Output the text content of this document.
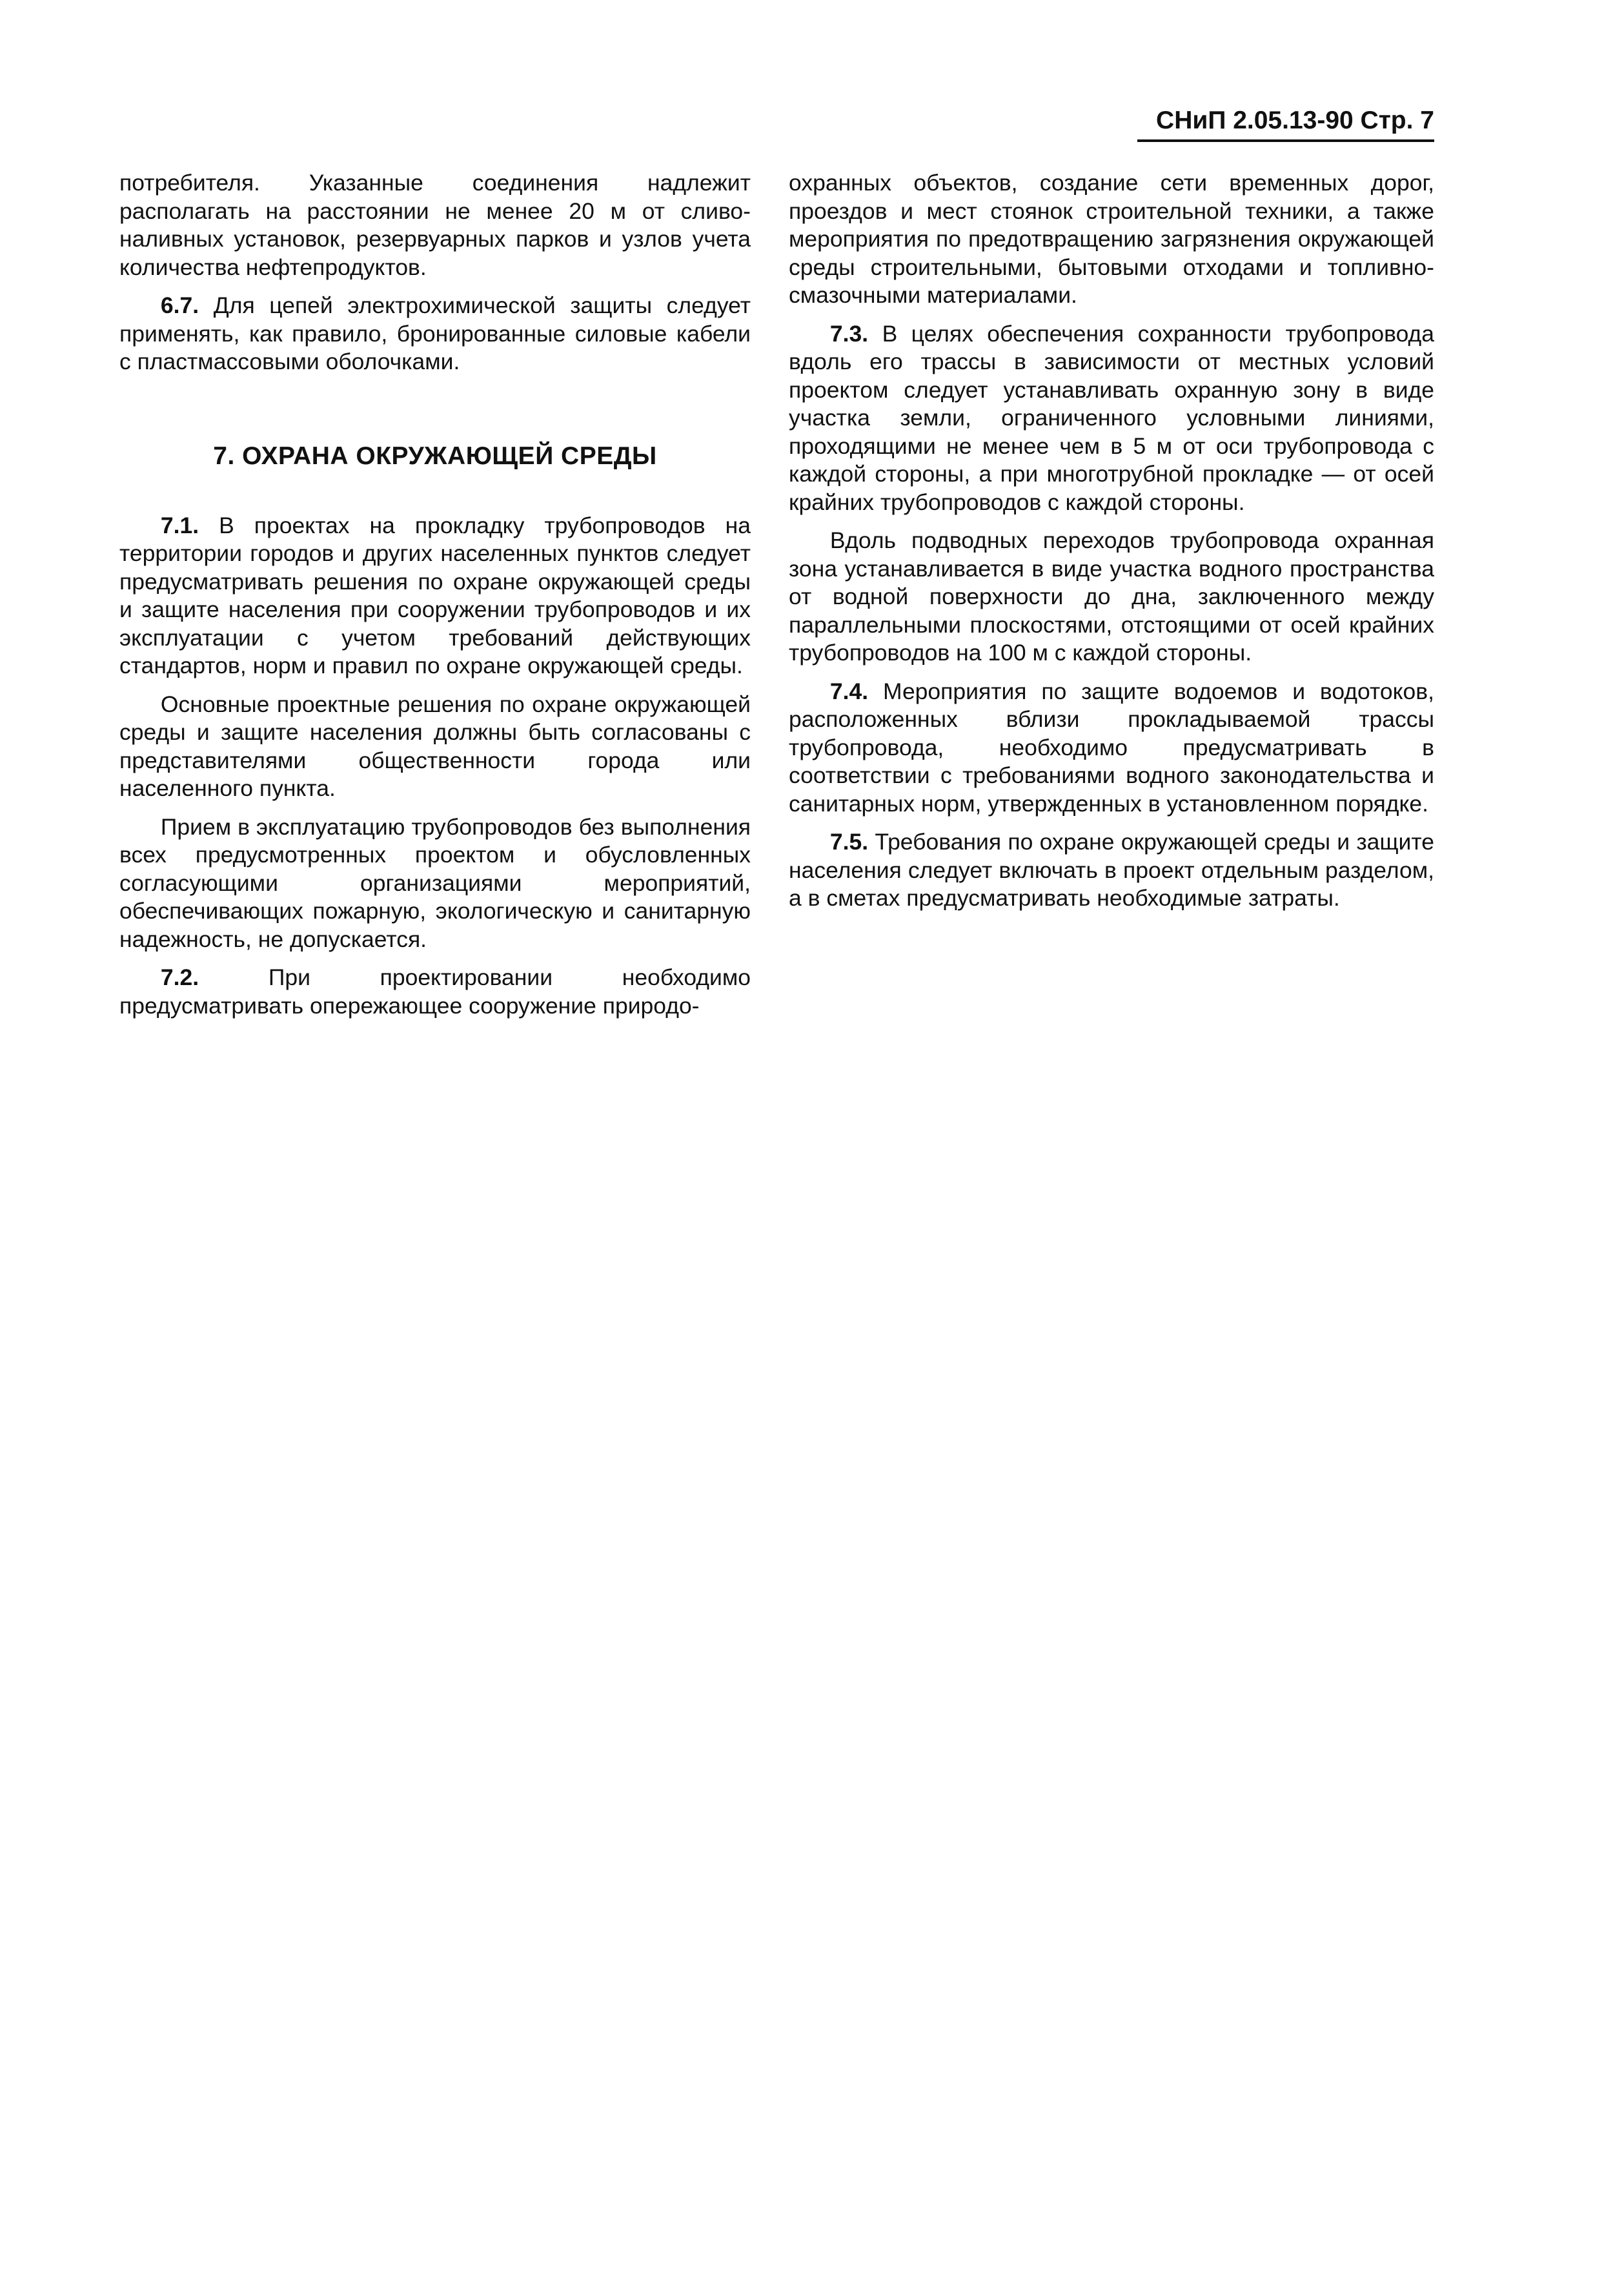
СНиП 2.05.13-90 Стр. 7

потребителя. Указанные соединения надлежит располагать на расстоянии не менее 20 м от сливо-наливных установок, резервуарных парков и узлов учета количества нефтепродуктов.

6.7. Для цепей электрохимической защиты следует применять, как правило, бронированные силовые кабели с пластмассовыми оболочками.

7. ОХРАНА ОКРУЖАЮЩЕЙ СРЕДЫ

7.1. В проектах на прокладку трубопроводов на территории городов и других населенных пунктов следует предусматривать решения по охране окружающей среды и защите населения при сооружении трубопроводов и их эксплуатации с учетом требований действующих стандартов, норм и правил по охране окружающей среды.

Основные проектные решения по охране окружающей среды и защите населения должны быть согласованы с представителями общественности города или населенного пункта.

Прием в эксплуатацию трубопроводов без выполнения всех предусмотренных проектом и обусловленных согласующими организациями мероприятий, обеспечивающих пожарную, экологическую и санитарную надежность, не допускается.

7.2.	При проектировании необходимо предусматривать опережающее сооружение природо-

охранных объектов, создание сети временных дорог, проездов и мест стоянок строительной техники, а также мероприятия по предотвращению загрязнения окружающей среды строительными, бытовыми отходами и топливно-смазочными материалами.

7.3. В целях обеспечения сохранности трубопровода вдоль его трассы в зависимости от местных условий проектом следует устанавливать охранную зону в виде участка земли, ограниченного условными линиями, проходящими не менее чем в 5 м от оси трубопровода с каждой стороны, а при многотрубной прокладке — от осей крайних трубопроводов с каждой стороны.

Вдоль подводных переходов трубопровода охранная зона устанавливается в виде участка водного пространства от водной поверхности до дна, заключенного между параллельными плоскостями, отстоящими от осей крайних трубопроводов на 100 м с каждой стороны.

7.4. Мероприятия по защите водоемов и водотоков, расположенных вблизи прокладываемой трассы трубопровода, необходимо предусматривать в соответствии с требованиями водного законодательства и санитарных норм, утвержденных в установленном порядке.

7.5. Требования по охране окружающей среды и защите населения следует включать в проект отдельным разделом, а в сметах предусматривать необходимые затраты.
